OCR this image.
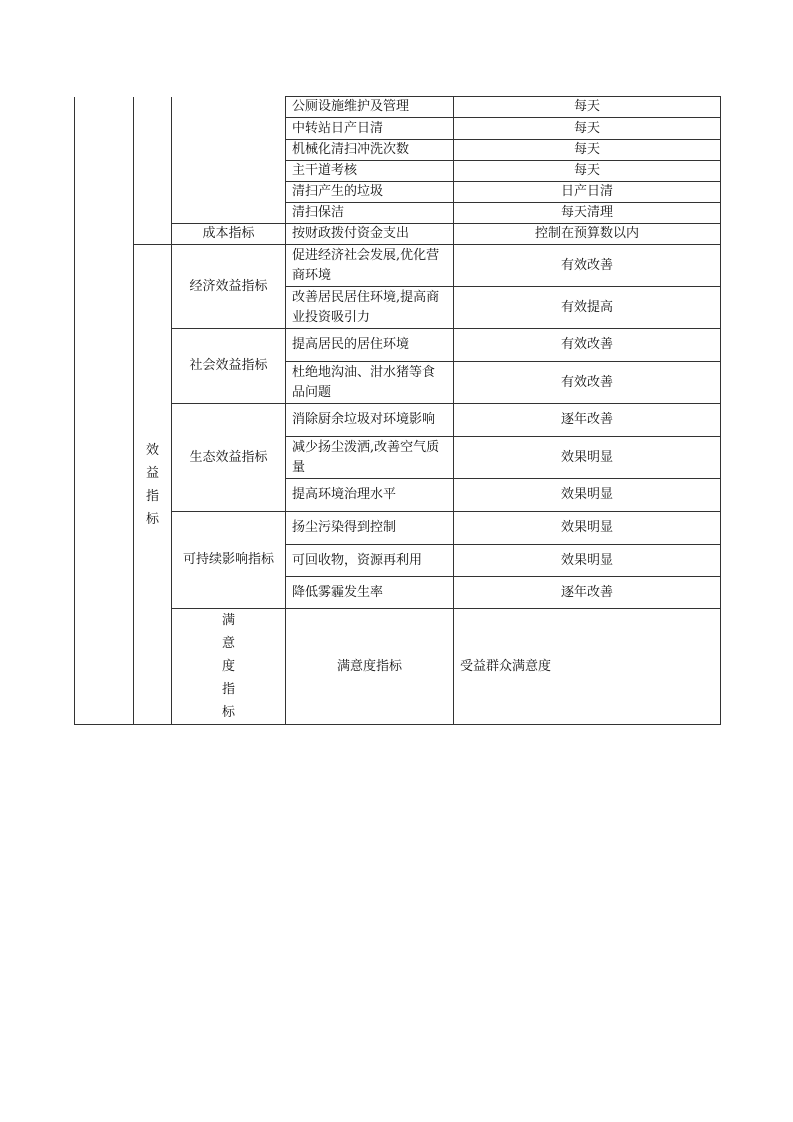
			公厕设施维护及管理	每天	
			中转站日产日清	每天	
			机械化清扫冲洗次数	每天	
			主干道考核	每天	
			清扫产生的垃圾	日产日清	
			清扫保洁	每天清理	
		成本指标	按财政拨付资金支出	控制在预算数以内	
	效益指标	经济效益指标	促进经济社会发展,优化营商环境	有效改善	
			改善居民居住环境,提高商业投资吸引力	有效提高	
		社会效益指标	提高居民的居住环境	有效改善	
			杜绝地沟油、泔水猪等食品问题	有效改善	
		生态效益指标	消除厨余垃圾对环境影响	逐年改善	
			减少扬尘泼洒,改善空气质量	效果明显	
			提高环境治理水平	效果明显	
		可持续影响指标	扬尘污染得到控制	效果明显	
			可回收物，资源再利用	效果明显	
			降低雾霾发生率	逐年改善	
		满意度指标	满意度指标	受益群众满意度	
